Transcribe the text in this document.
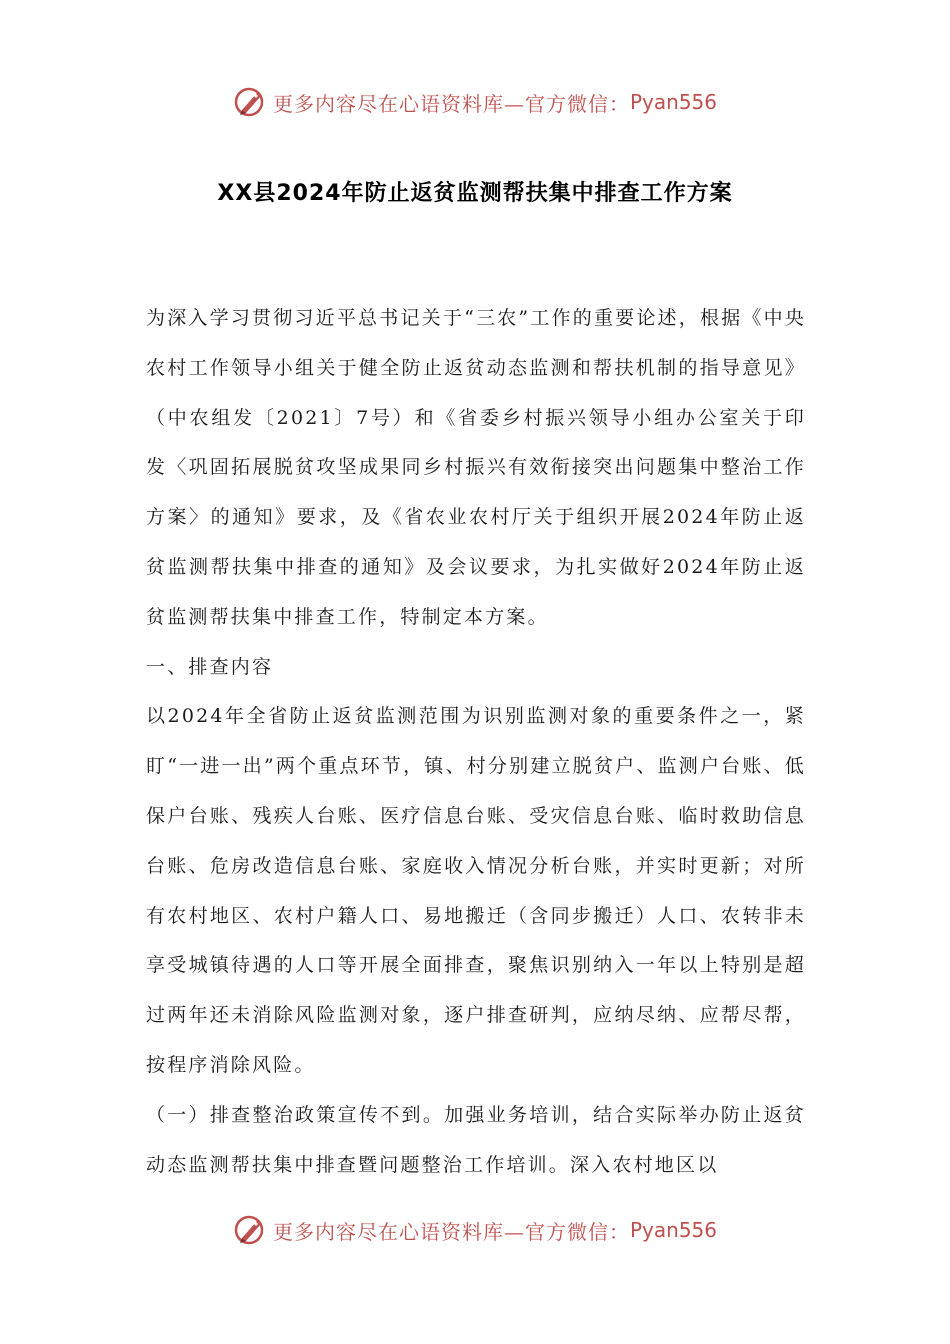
更多内容尽在心语资料库—官方微信： Pyan556
XX县2024年防止返贫监测帮扶集中排查工作方案

为深入学习贯彻习近平总书记关于“三农”工作的重要论述，根据《中央农村工作领导小组关于健全防止返贫动态监测和帮扶机制的指导意见》（中农组发〔2021〕7号）和《省委乡村振兴领导小组办公室关于印发〈巩固拓展脱贫攻坚成果同乡村振兴有效衔接突出问题集中整治工作方案〉的通知》要求，及《省农业农村厅关于组织开展2024年防止返贫监测帮扶集中排查的通知》及会议要求，为扎实做好2024年防止返贫监测帮扶集中排查工作，特制定本方案。

一、排查内容

以2024年全省防止返贫监测范围为识别监测对象的重要条件之一，紧盯“一进一出”两个重点环节，镇、村分别建立脱贫户、监测户台账、低保户台账、残疾人台账、医疗信息台账、受灾信息台账、临时救助信息台账、危房改造信息台账、家庭收入情况分析台账，并实时更新；对所有农村地区、农村户籍人口、易地搬迁（含同步搬迁）人口、农转非未享受城镇待遇的人口等开展全面排查，聚焦识别纳入一年以上特别是超过两年还未消除风险监测对象，逐户排查研判，应纳尽纳、应帮尽帮，按程序消除风险。

（一）排查整治政策宣传不到。加强业务培训，结合实际举办防止返贫动态监测帮扶集中排查暨问题整治工作培训。深入农村地区以

更多内容尽在心语资料库—官方微信： Pyan556
